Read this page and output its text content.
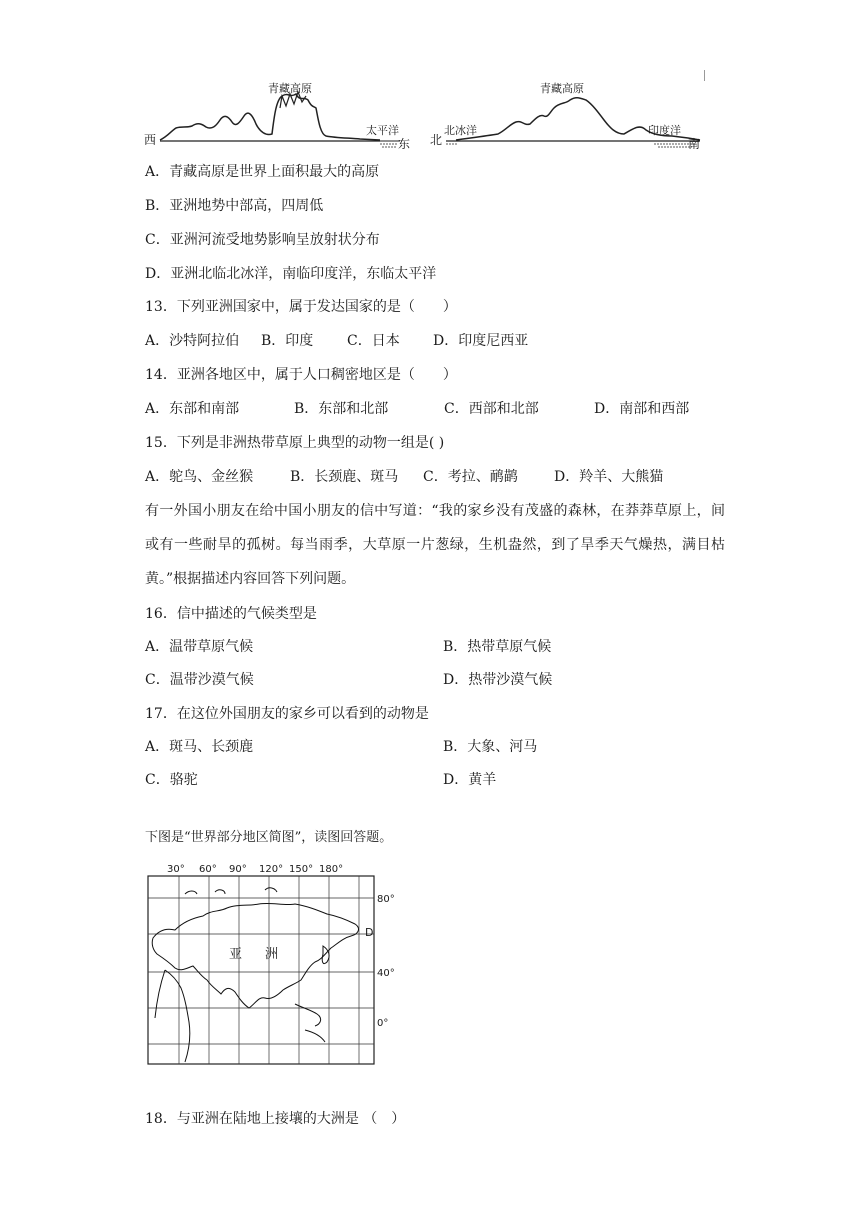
青藏高原
西	东
太平洋
青藏高原
北	南
北冰洋	印度洋
A．青藏高原是世界上面积最大的高原
B．亚洲地势中部高，四周低
C．亚洲河流受地势影响呈放射状分布
D．亚洲北临北冰洋，南临印度洋，东临太平洋
13．下列亚洲国家中，属于发达国家的是（　　）
A．沙特阿拉伯 B．印度 C．日本 D．印度尼西亚
14．亚洲各地区中，属于人口稠密地区是（　　）
A．东部和南部	B．东部和北部	C．西部和北部	D．南部和西部
15．下列是非洲热带草原上典型的动物一组是( )
A．鸵鸟、金丝猴	B．长颈鹿、斑马 C．考拉、鸸鹋	D．羚羊、大熊猫
有一外国小朋友在给中国小朋友的信中写道：“我的家乡没有茂盛的森林，在莽莽草原上，间或有一些耐旱的孤树。每当雨季，大草原一片葱绿，生机盎然，到了旱季天气燥热，满目枯黄。”根据描述内容回答下列问题。
16．信中描述的气候类型是
A．温带草原气候	B．热带草原气候
C．温带沙漠气候	D．热带沙漠气候
17．在这位外国朋友的家乡可以看到的动物是
A．斑马、长颈鹿	B．大象、河马
C．骆驼	D．黄羊
下图是“世界部分地区简图”，读图回答题。
30° 60° 90° 120° 150° 180°
80°
40°
0°
亚 洲
D
18．与亚洲在陆地上接壤的大洲是 （　）
